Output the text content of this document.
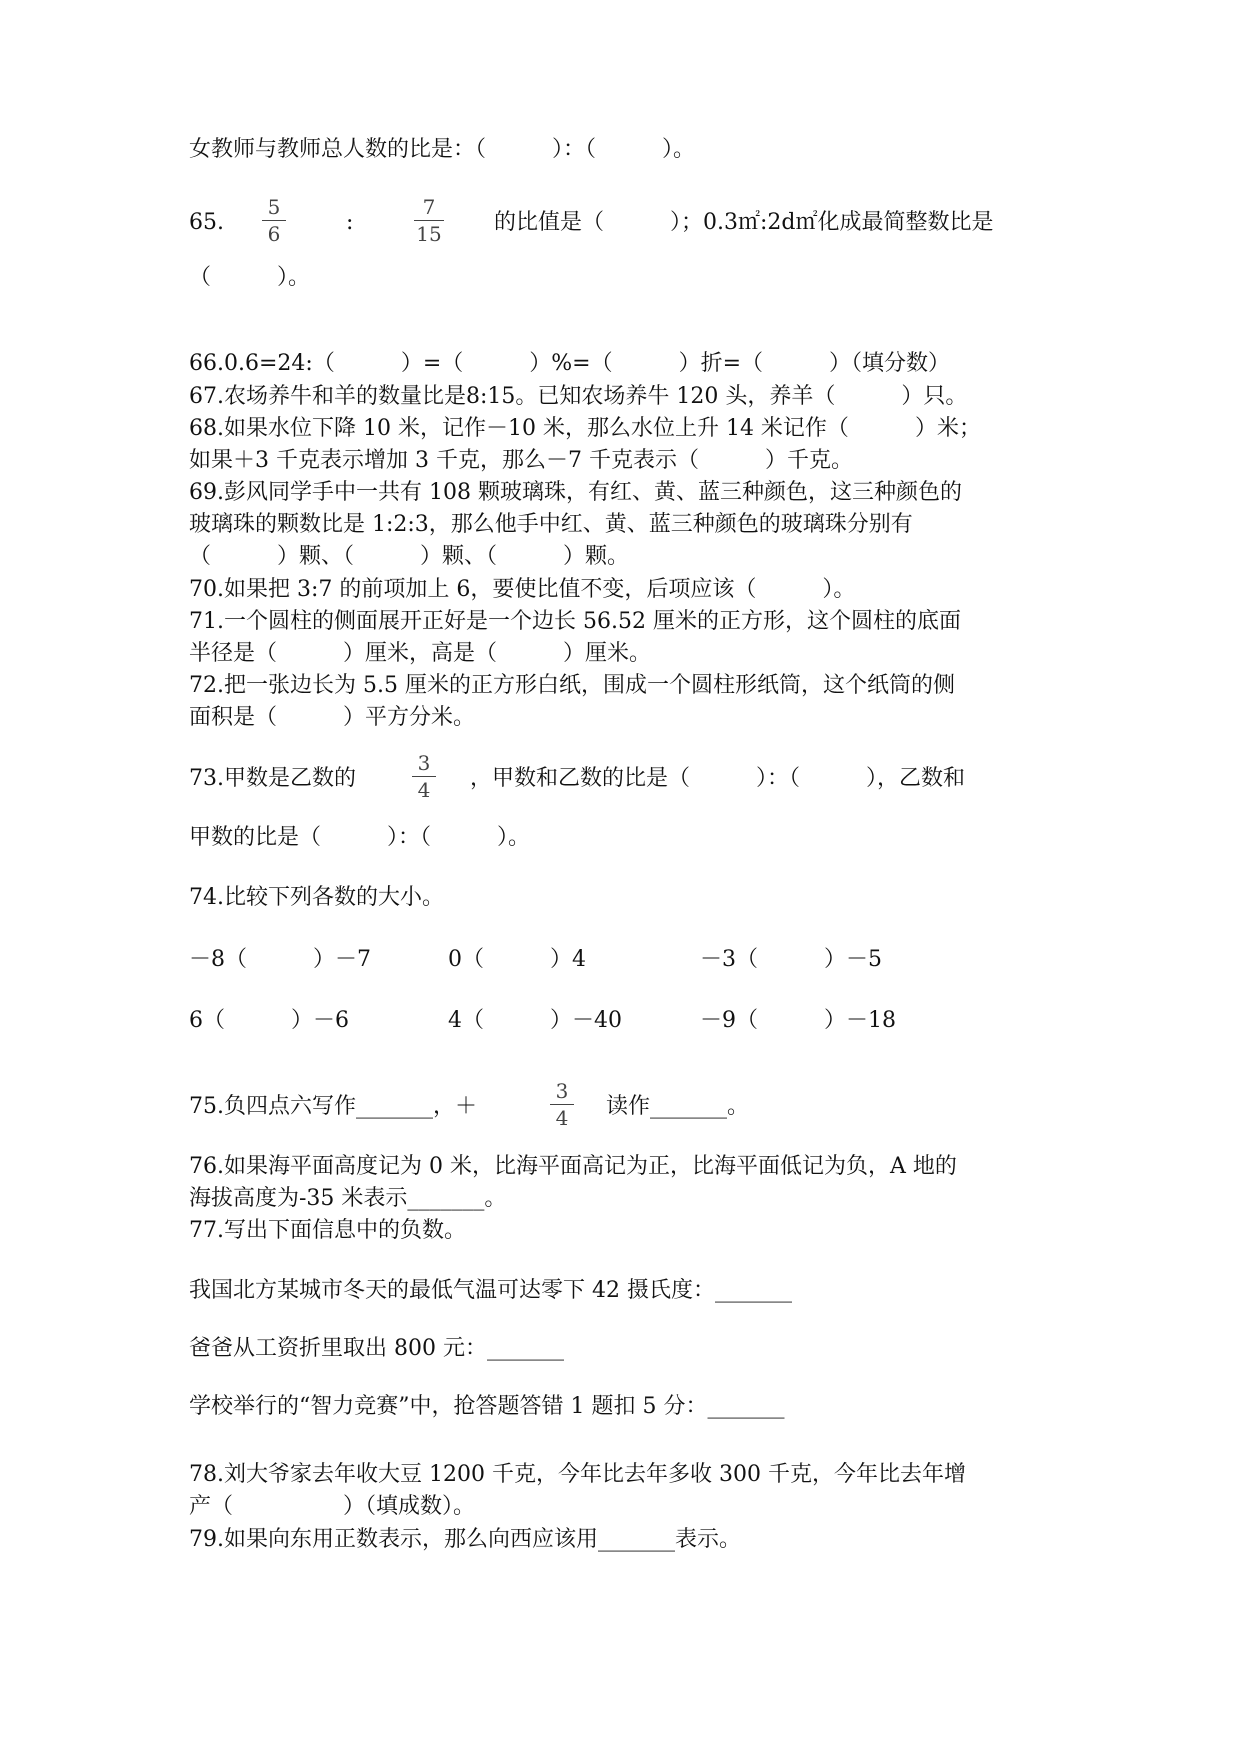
女教师与教师总人数的比是：（　　　）：（　　　）。
65.
5
6	:
7
15 的比值是（　　　）；0.3㎡:2d㎡化成最简整数比是
（　　　）。
66.0.6=24:（　　　）=（　　　）%=（　　　）折=（　　　）（填分数）
67.农场养牛和羊的数量比是8:15。已知农场养牛 120 头，养羊（　　　）只。
68.如果水位下降 10 米，记作－10 米，那么水位上升 14 米记作（　　　）米；
如果＋3 千克表示增加 3 千克，那么－7 千克表示（　　　）千克。
69.彭风同学手中一共有 108 颗玻璃珠，有红、黄、蓝三种颜色，这三种颜色的
玻璃珠的颗数比是 1:2:3，那么他手中红、黄、蓝三种颜色的玻璃珠分别有
（　　　）颗、（　　　）颗、（　　　）颗。
70.如果把 3:7 的前项加上 6，要使比值不变，后项应该（　　　）。
71.一个圆柱的侧面展开正好是一个边长 56.52 厘米的正方形，这个圆柱的底面
半径是（　　　）厘米，高是（　　　）厘米。
72.把一张边长为 5.5 厘米的正方形白纸，围成一个圆柱形纸筒，这个纸筒的侧
面积是（　　　）平方分米。
73.甲数是乙数的
3
4 ，甲数和乙数的比是（　　　）：（　　　），乙数和
甲数的比是（　　　）：（　　　）。
74.比较下列各数的大小。
－8（　　　）－7	0（　　　）4	－3（　　　）－5
6（　　　）－6	4（　　　）－40	－9（　　　）－18
75.负四点六写作_______，＋
3
4 读作_______。
76.如果海平面高度记为 0 米，比海平面高记为正，比海平面低记为负，A 地的
海拔高度为-35 米表示_______。
77.写出下面信息中的负数。
我国北方某城市冬天的最低气温可达零下 42 摄氏度：_______
爸爸从工资折里取出 800 元：_______
学校举行的“智力竞赛”中，抢答题答错 1 题扣 5 分：_______
78.刘大爷家去年收大豆 1200 千克，今年比去年多收 300 千克，今年比去年增
产（　　　　　）（填成数）。
79.如果向东用正数表示，那么向西应该用_______表示。
